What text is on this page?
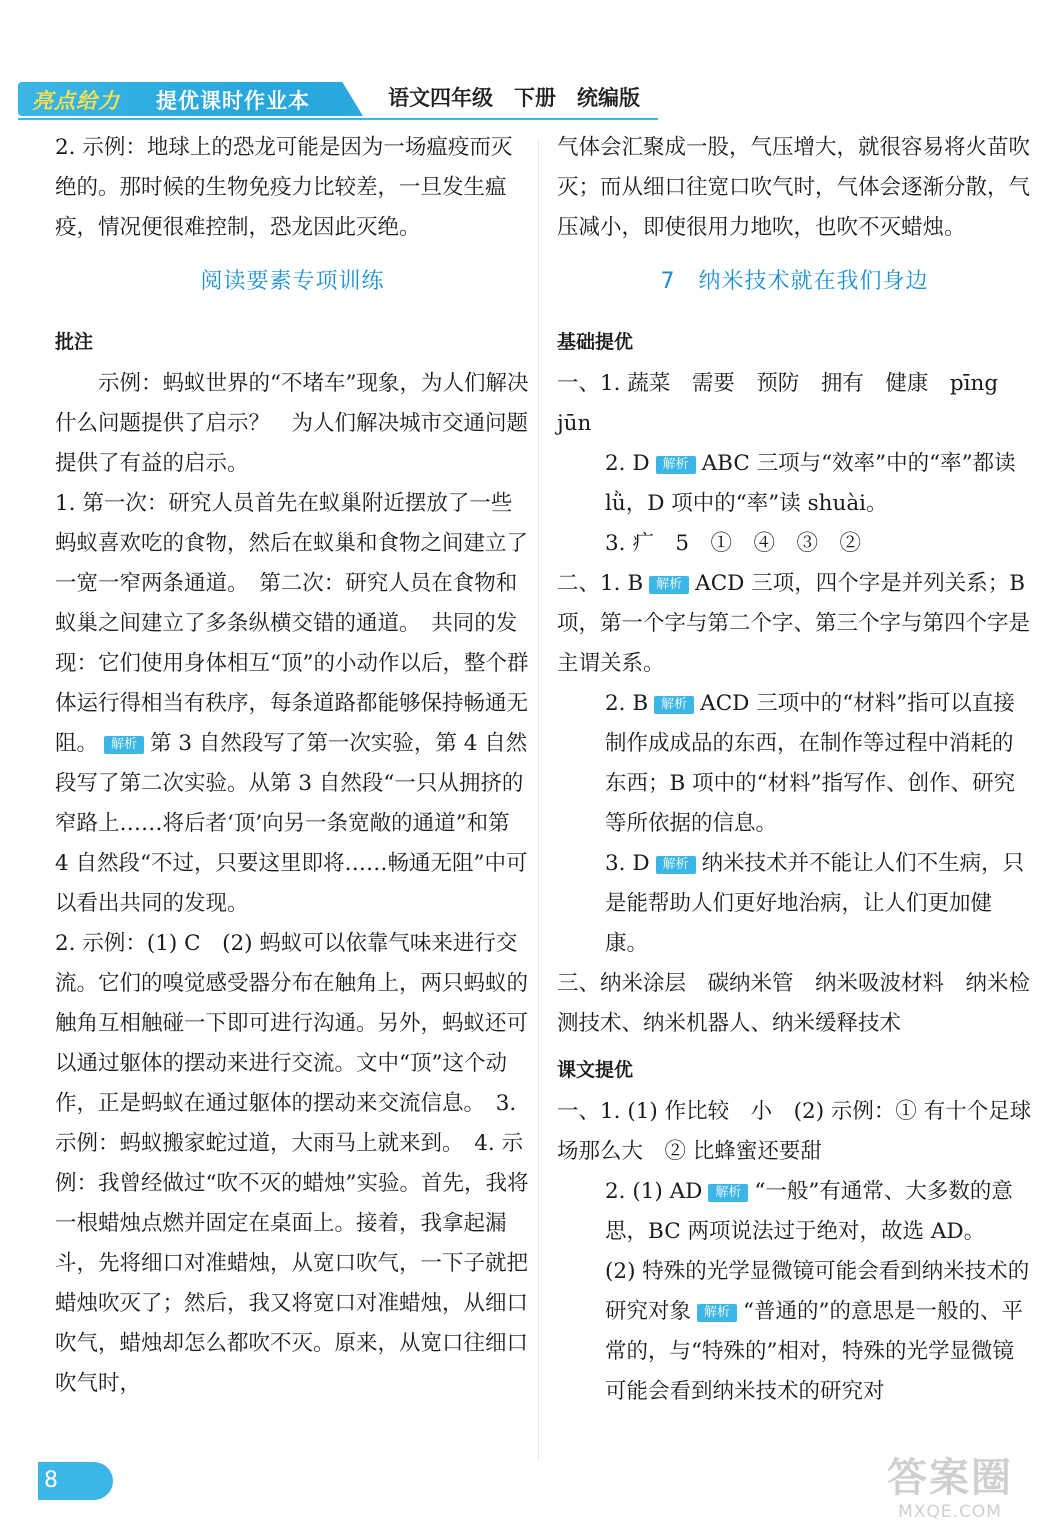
亮点给力 提优课时作业本	语文四年级　下册　统编版

2. 示例：地球上的恐龙可能是因为一场瘟疫而灭绝的。那时候的生物免疫力比较差，一旦发生瘟疫，情况便很难控制，恐龙因此灭绝。

阅读要素专项训练
批注

示例：蚂蚁世界的“不堵车”现象，为人们解决什么问题提供了启示？　为人们解决城市交通问题提供了有益的启示。

1. 第一次：研究人员首先在蚁巢附近摆放了一些蚂蚁喜欢吃的食物，然后在蚁巢和食物之间建立了一宽一窄两条通道。　第二次：研究人员在食物和蚁巢之间建立了多条纵横交错的通道。　共同的发现：它们使用身体相互“顶”的小动作以后，整个群体运行得相当有秩序，每条道路都能够保持畅通无阻。 解析 第 3 自然段写了第一次实验，第 4 自然段写了第二次实验。从第 3 自然段“一只从拥挤的窄路上……将后者‘顶’向另一条宽敞的通道”和第 4 自然段“不过，只要这里即将……畅通无阻”中可以看出共同的发现。

2. 示例：(1) C　(2) 蚂蚁可以依靠气味来进行交流。它们的嗅觉感受器分布在触角上，两只蚂蚁的触角互相触碰一下即可进行沟通。另外，蚂蚁还可以通过躯体的摆动来进行交流。文中“顶”这个动作，正是蚂蚁在通过躯体的摆动来交流信息。　3. 示例：蚂蚁搬家蛇过道，大雨马上就来到。　4. 示例：我曾经做过“吹不灭的蜡烛”实验。首先，我将一根蜡烛点燃并固定在桌面上。接着，我拿起漏斗，先将细口对准蜡烛，从宽口吹气，一下子就把蜡烛吹灭了；然后，我又将宽口对准蜡烛，从细口吹气，蜡烛却怎么都吹不灭。原来，从宽口往细口吹气时，

气体会汇聚成一股，气压增大，就很容易将火苗吹灭；而从细口往宽口吹气时，气体会逐渐分散，气压减小，即使很用力地吹，也吹不灭蜡烛。

7　纳米技术就在我们身边
基础提优

一、1. 蔬菜　需要　预防　拥有　健康　pīng jūn

2. D 解析 ABC 三项与“效率”中的“率”都读 lǜ，D 项中的“率”读 shuài。

3. 疒　5　①　④　③　②

二、1. B 解析 ACD 三项，四个字是并列关系；B 项，第一个字与第二个字、第三个字与第四个字是主谓关系。

2. B 解析 ACD 三项中的“材料”指可以直接制作成成品的东西，在制作等过程中消耗的东西；B 项中的“材料”指写作、创作、研究等所依据的信息。

3. D 解析 纳米技术并不能让人们不生病，只是能帮助人们更好地治病，让人们更加健康。

三、纳米涂层　碳纳米管　纳米吸波材料　纳米检测技术、纳米机器人、纳米缓释技术

课文提优

一、1. (1) 作比较　小　(2) 示例：① 有十个足球场那么大　② 比蜂蜜还要甜

2. (1) AD 解析 “一般”有通常、大多数的意思，BC 两项说法过于绝对，故选 AD。

(2) 特殊的光学显微镜可能会看到纳米技术的研究对象 解析 “普通的”的意思是一般的、平常的，与“特殊的”相对，特殊的光学显微镜可能会看到纳米技术的研究对

8	答案圈
MXQE.COM
